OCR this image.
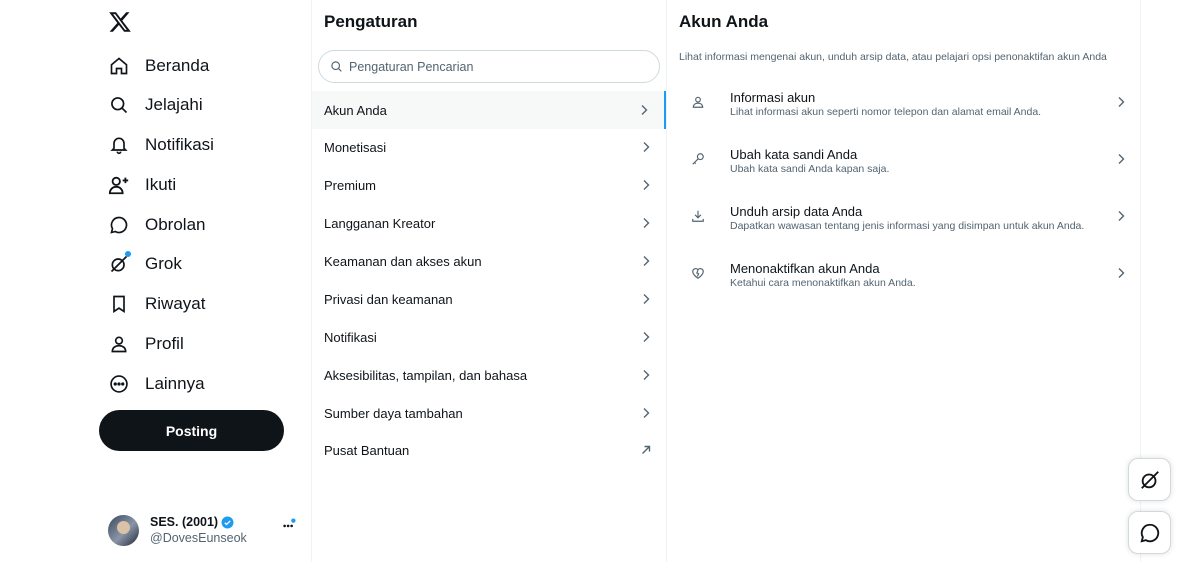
Beranda
Jelajahi
Notifikasi
Ikuti
Obrolan
Grok
Riwayat
Profil
Lainnya
Posting
SES. (2001)
@DovesEunseok
Pengaturan
Pengaturan Pencarian
Akun Anda
Monetisasi
Premium
Langganan Kreator
Keamanan dan akses akun
Privasi dan keamanan
Notifikasi
Aksesibilitas, tampilan, dan bahasa
Sumber daya tambahan
Pusat Bantuan
Akun Anda

Lihat informasi mengenai akun, unduh arsip data, atau pelajari opsi penonaktifan akun Anda

Informasi akun
Lihat informasi akun seperti nomor telepon dan alamat email Anda.
Ubah kata sandi Anda
Ubah kata sandi Anda kapan saja.
Unduh arsip data Anda
Dapatkan wawasan tentang jenis informasi yang disimpan untuk akun Anda.
Menonaktifkan akun Anda
Ketahui cara menonaktifkan akun Anda.
